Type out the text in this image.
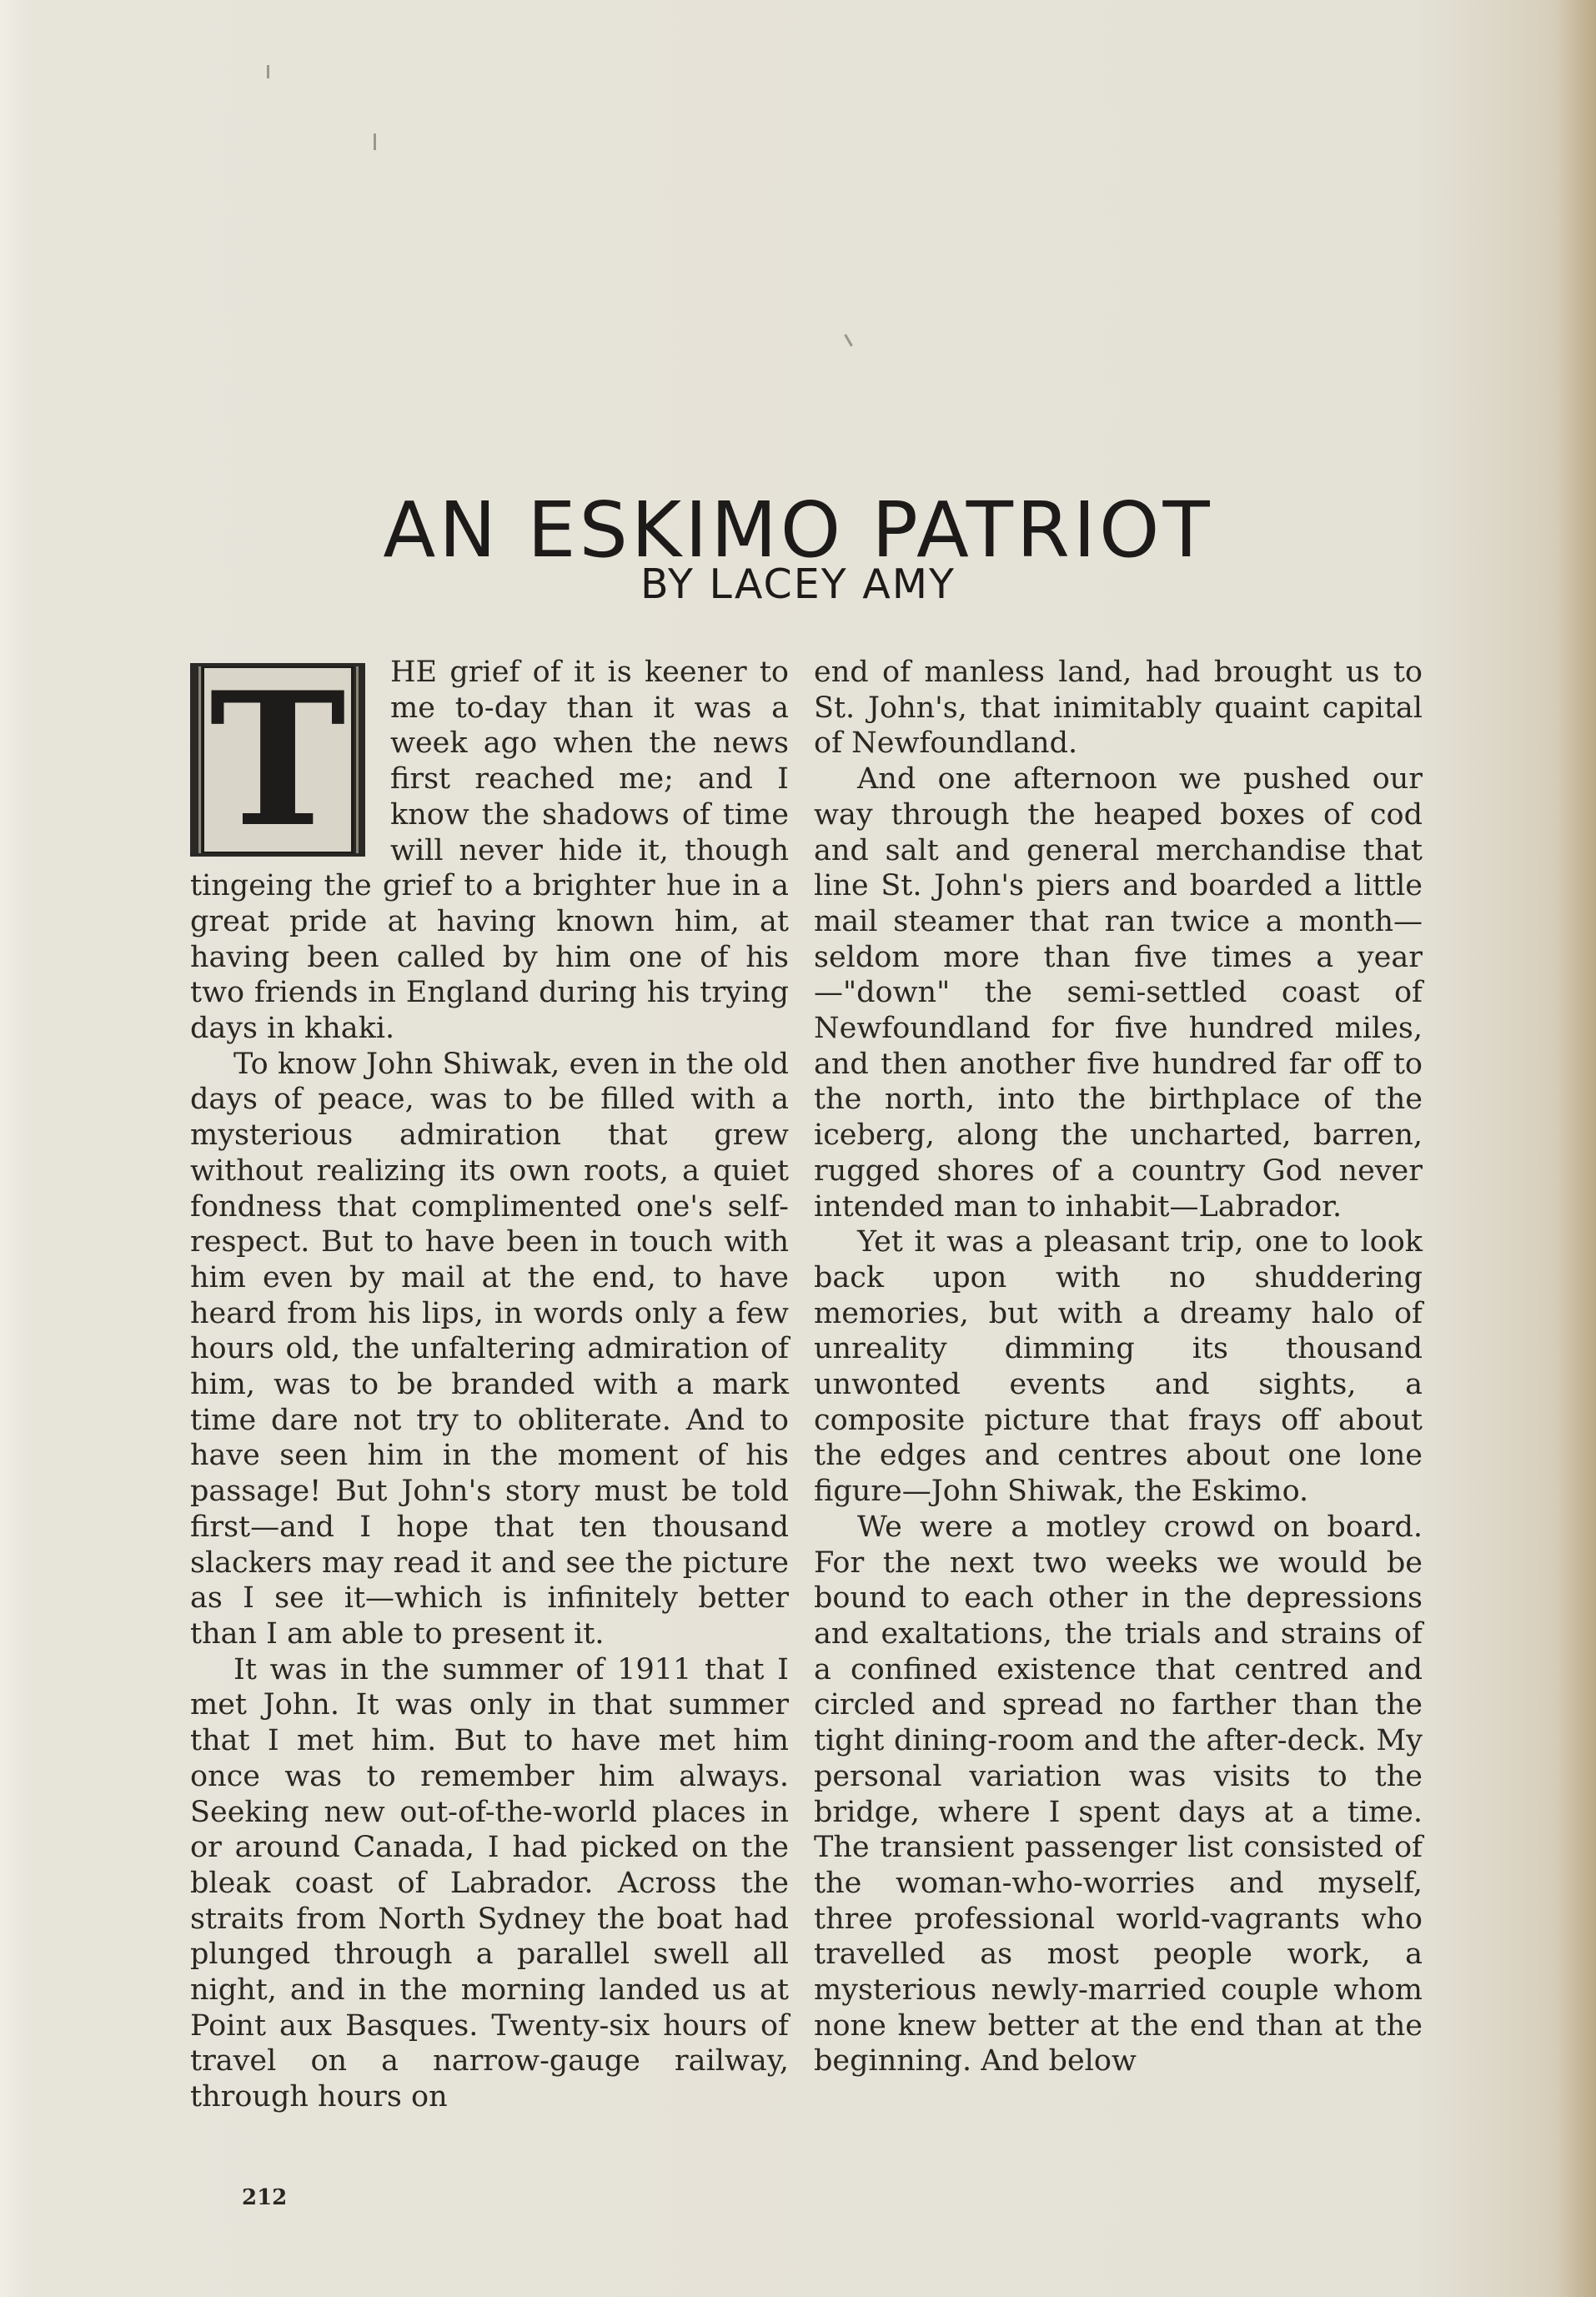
AN ESKIMO PATRIOT
BY LACEY AMY
T	HE grief of it is keener to me to-day than it was a week ago when the news first reached me; and I know the shadows of time will never hide it, though tingeing the grief to a brighter hue in a great pride at having known him, at having been called by him one of his two friends in England during his trying days in khaki.

To know John Shiwak, even in the old days of peace, was to be filled with a mysterious admiration that grew without realizing its own roots, a quiet fondness that complimented one's self-respect. But to have been in touch with him even by mail at the end, to have heard from his lips, in words only a few hours old, the unfaltering admiration of him, was to be branded with a mark time dare not try to obliterate. And to have seen him in the moment of his passage! But John's story must be told first—and I hope that ten thousand slackers may read it and see the picture as I see it—which is infinitely better than I am able to present it.

It was in the summer of 1911 that I met John. It was only in that summer that I met him. But to have met him once was to remember him always. Seeking new out-of-the-world places in or around Canada, I had picked on the bleak coast of Labrador. Across the straits from North Sydney the boat had plunged through a parallel swell all night, and in the morning landed us at Point aux Basques. Twenty-six hours of travel on a narrow-gauge railway, through hours on

end of manless land, had brought us to St. John's, that inimitably quaint capital of Newfoundland.

And one afternoon we pushed our way through the heaped boxes of cod and salt and general merchandise that line St. John's piers and boarded a little mail steamer that ran twice a month—seldom more than five times a year—"down" the semi-settled coast of Newfoundland for five hundred miles, and then another five hundred far off to the north, into the birthplace of the iceberg, along the uncharted, barren, rugged shores of a country God never intended man to inhabit—Labrador.

Yet it was a pleasant trip, one to look back upon with no shuddering memories, but with a dreamy halo of unreality dimming its thousand unwonted events and sights, a composite picture that frays off about the edges and centres about one lone figure—John Shiwak, the Eskimo.

We were a motley crowd on board. For the next two weeks we would be bound to each other in the depressions and exaltations, the trials and strains of a confined existence that centred and circled and spread no farther than the tight dining-room and the after-deck. My personal variation was visits to the bridge, where I spent days at a time. The transient passenger list consisted of the woman-who-worries and myself, three professional world-vagrants who travelled as most people work, a mysterious newly-married couple whom none knew better at the end than at the beginning. And below

212
